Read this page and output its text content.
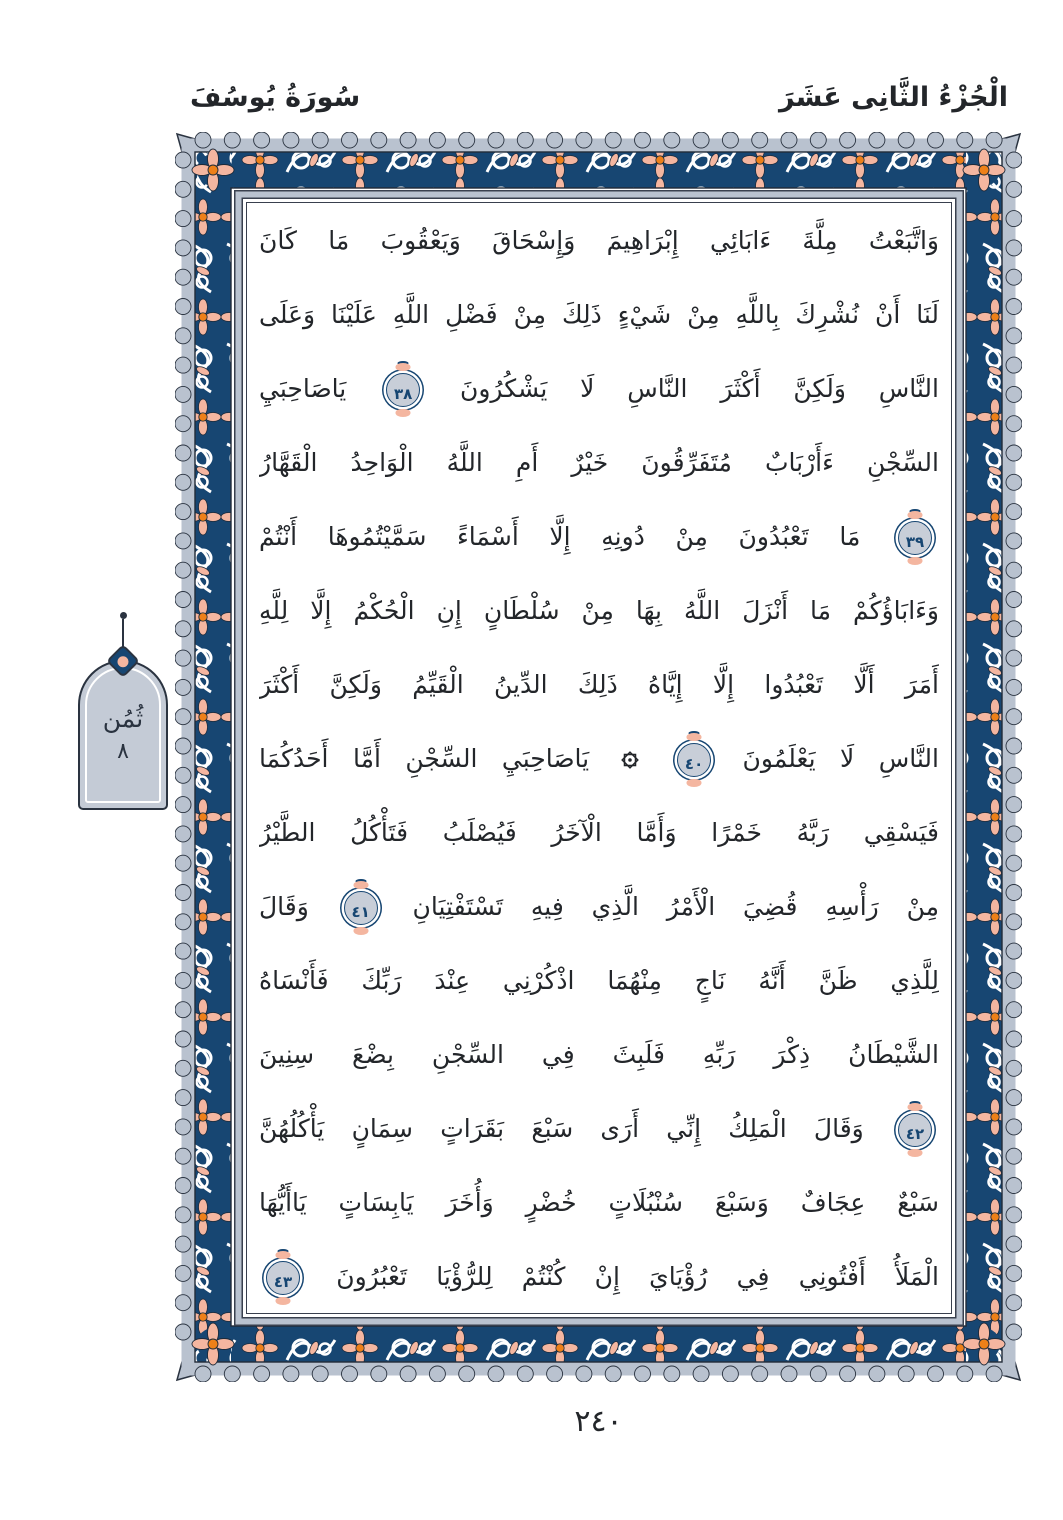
الْجُزْءُ الثَّانِى عَشَرَ
سُورَةُ يُوسُفَ
وَاتَّبَعْتُ مِلَّةَ ءَابَائِي إِبْرَاهِيمَ وَإِسْحَاقَ وَيَعْقُوبَ مَا كَانَ
لَنَا أَنْ نُشْرِكَ بِاللَّهِ مِنْ شَيْءٍ ذَلِكَ مِنْ فَضْلِ اللَّهِ عَلَيْنَا وَعَلَى
النَّاسِ وَلَكِنَّ أَكْثَرَ النَّاسِ لَا يَشْكُرُونَ ٣٨ يَاصَاحِبَيِ
السِّجْنِ ءَأَرْبَابٌ مُتَفَرِّقُونَ خَيْرٌ أَمِ اللَّهُ الْوَاحِدُ الْقَهَّارُ
٣٩ مَا تَعْبُدُونَ مِنْ دُونِهِ إِلَّا أَسْمَاءً سَمَّيْتُمُوهَا أَنْتُمْ
وَءَابَاؤُكُمْ مَا أَنْزَلَ اللَّهُ بِهَا مِنْ سُلْطَانٍ إِنِ الْحُكْمُ إِلَّا لِلَّهِ
أَمَرَ أَلَّا تَعْبُدُوا إِلَّا إِيَّاهُ ذَلِكَ الدِّينُ الْقَيِّمُ وَلَكِنَّ أَكْثَرَ
النَّاسِ لَا يَعْلَمُونَ ٤٠
يَاصَاحِبَيِ السِّجْنِ أَمَّا أَحَدُكُمَا
فَيَسْقِي رَبَّهُ خَمْرًا وَأَمَّا الْآخَرُ فَيُصْلَبُ فَتَأْكُلُ الطَّيْرُ
مِنْ رَأْسِهِ قُضِيَ الْأَمْرُ الَّذِي فِيهِ تَسْتَفْتِيَانِ ٤١ وَقَالَ
لِلَّذِي ظَنَّ أَنَّهُ نَاجٍ مِنْهُمَا اذْكُرْنِي عِنْدَ رَبِّكَ فَأَنْسَاهُ
الشَّيْطَانُ ذِكْرَ رَبِّهِ فَلَبِثَ فِي السِّجْنِ بِضْعَ سِنِينَ
٤٢ وَقَالَ الْمَلِكُ إِنِّي أَرَى سَبْعَ بَقَرَاتٍ سِمَانٍ يَأْكُلُهُنَّ
سَبْعٌ عِجَافٌ وَسَبْعَ سُنْبُلَاتٍ خُضْرٍ وَأُخَرَ يَابِسَاتٍ يَاأَيُّهَا
الْمَلَأُ أَفْتُونِي فِي رُؤْيَايَ إِنْ كُنْتُمْ لِلرُّؤْيَا تَعْبُرُونَ ٤٣
ثُمُن
٨
٢٤٠
